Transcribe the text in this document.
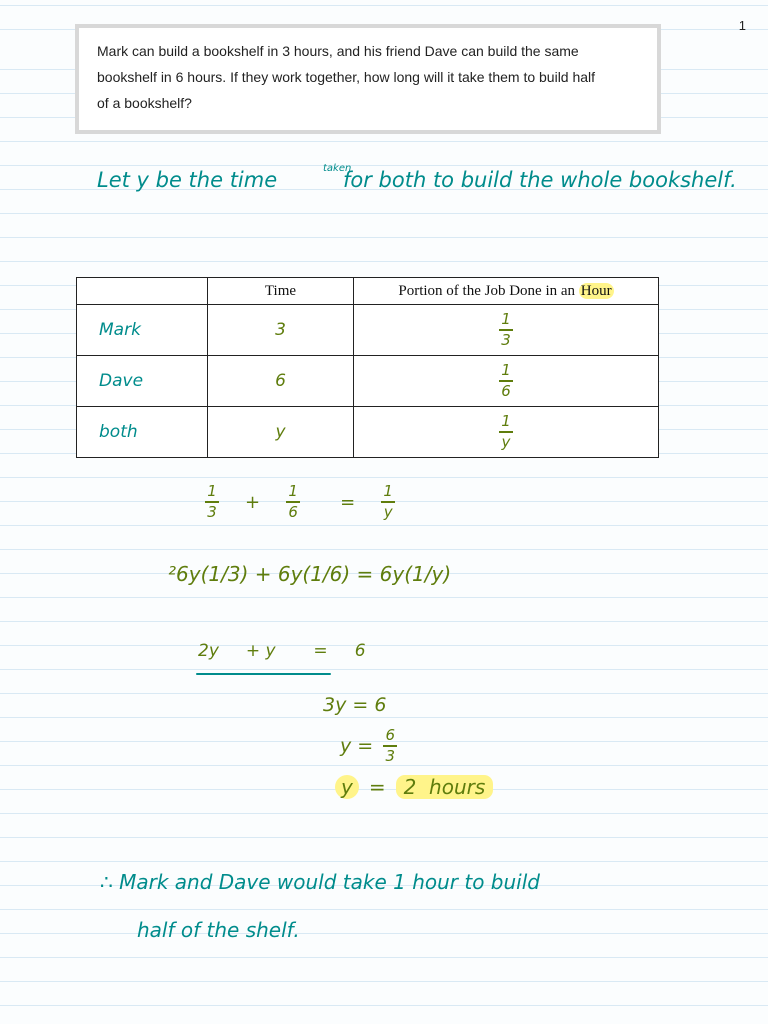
1
Mark can build a bookshelf in 3 hours, and his friend Dave can build the same
bookshelf in 6 hours. If they work together, how long will it take them to build half
of a bookshelf?
Let y be the time	taken
for both to build the whole bookshelf.
	Time	Portion of the Job Done in an Hour
Mark	3	$\frac{1}{3}$

Dave	6	$\frac{1}{6}$

both	y	$\frac{1}{y}$
$\frac{1}{3} + \frac{1}{6} = \frac{1}{y}$
²6y(1/3) + 6y(1/6) = 6y(1/y)
2y     + y       =     6
3y = 6
$y = \frac{6}{3}$
y = 2  hours
∴ Mark and Dave would take 1 hour to build
half of the shelf.
